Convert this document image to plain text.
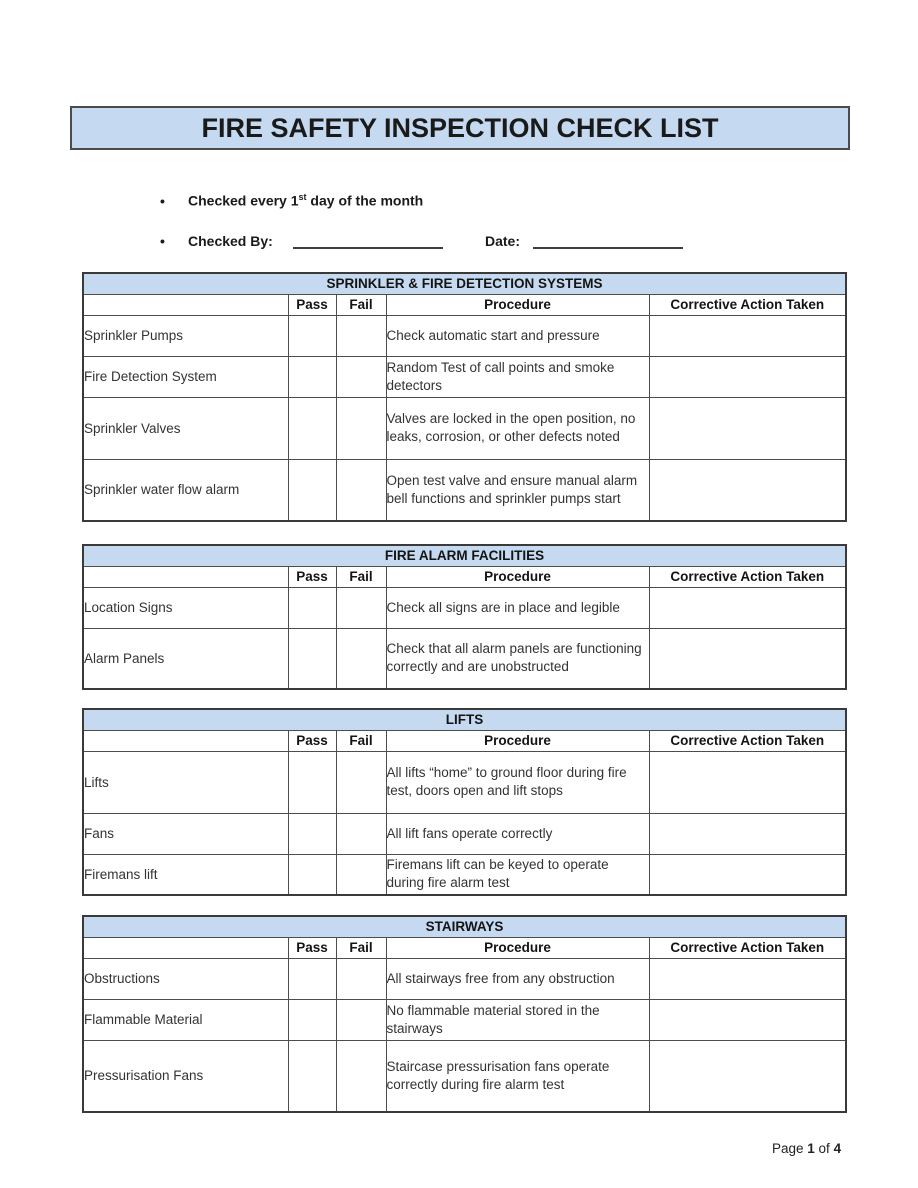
FIRE SAFETY INSPECTION CHECK LIST
• Checked every 1st day of the month
• Checked By:	Date:
SPRINKLER & FIRE DETECTION SYSTEMS				
	Pass	Fail	Procedure	Corrective Action Taken
Sprinkler Pumps			Check automatic start and pressure	
Fire Detection System			Random Test of call points and smoke detectors	
Sprinkler Valves			Valves are locked in the open position, no leaks, corrosion, or other defects noted	
Sprinkler water flow alarm			Open test valve and ensure manual alarm bell functions and sprinkler pumps start	
FIRE ALARM FACILITIES				
	Pass	Fail	Procedure	Corrective Action Taken
Location Signs			Check all signs are in place and legible	
Alarm Panels			Check that all alarm panels are functioning correctly and are unobstructed	
LIFTS				
	Pass	Fail	Procedure	Corrective Action Taken
Lifts			All lifts “home” to ground floor during fire test, doors open and lift stops	
Fans			All lift fans operate correctly	
Firemans lift			Firemans lift can be keyed to operate during fire alarm test	
STAIRWAYS				
	Pass	Fail	Procedure	Corrective Action Taken
Obstructions			All stairways free from any obstruction	
Flammable Material			No flammable material stored in the stairways	
Pressurisation Fans			Staircase pressurisation fans operate correctly during fire alarm test	
Page 1 of 4
